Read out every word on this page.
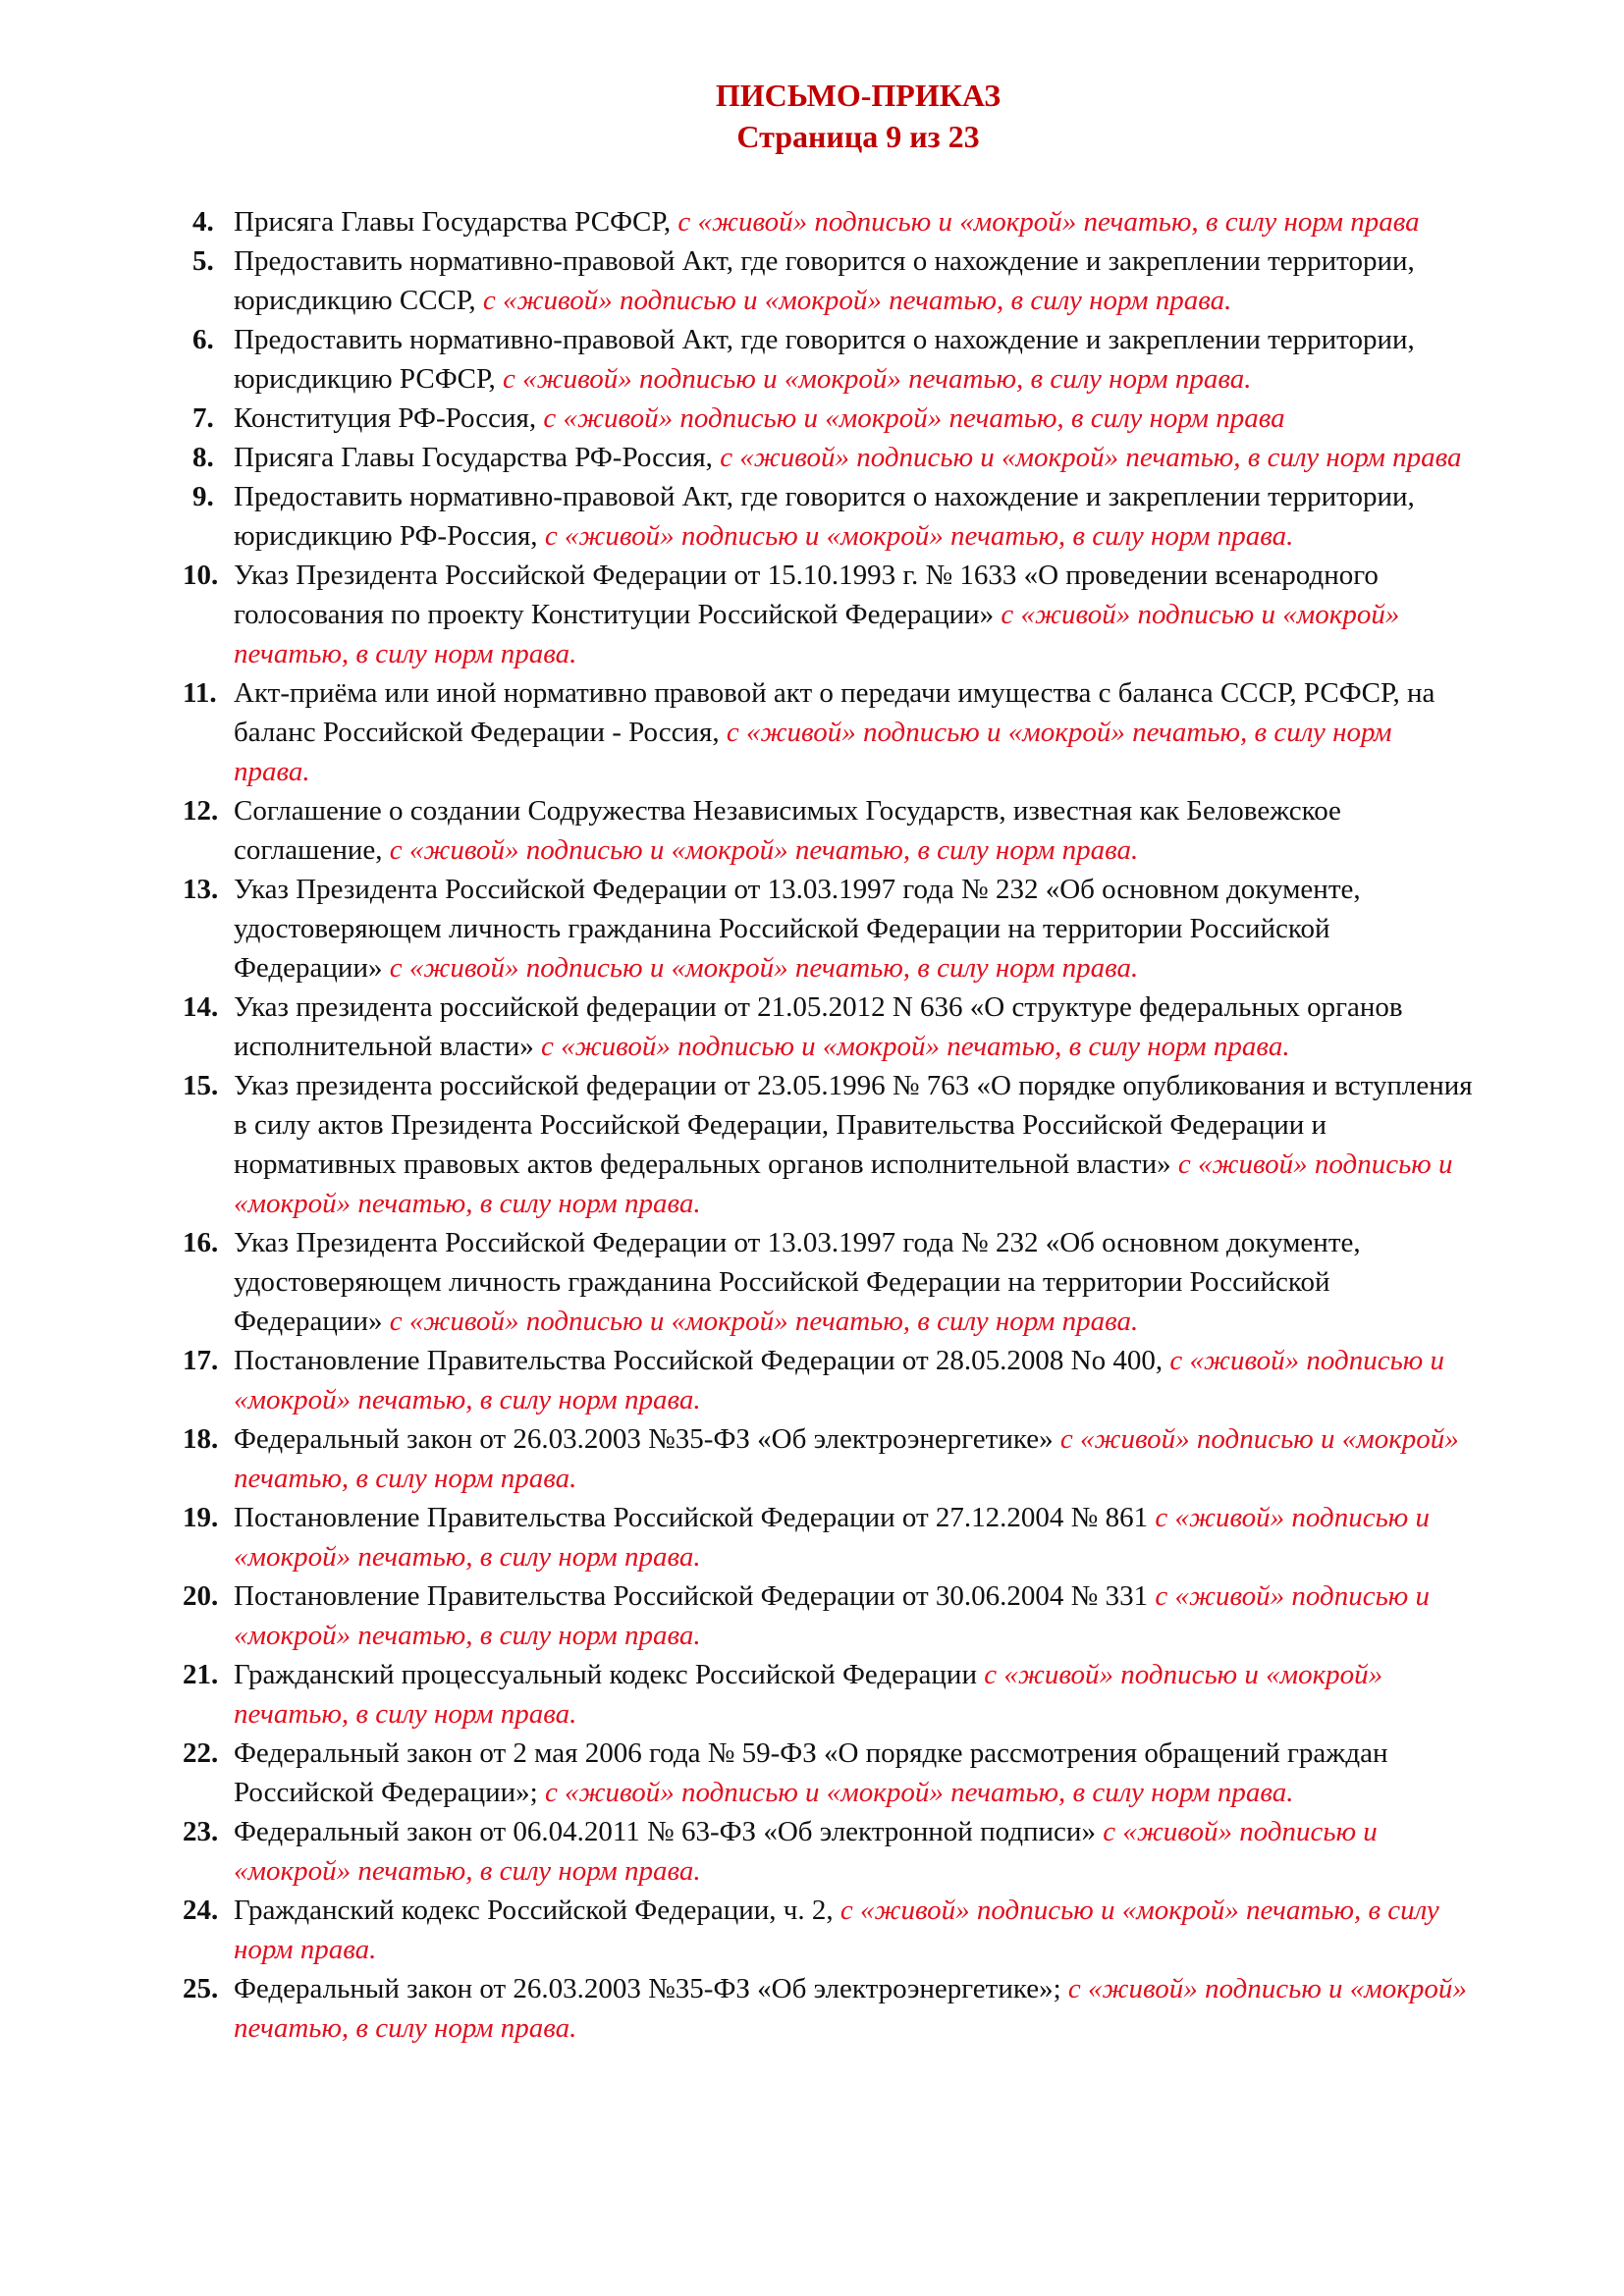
ПИСЬМО-ПРИКАЗ
Страница 9 из 23
4. Присяга Главы Государства РСФСР, с «живой» подписью и «мокрой» печатью, в силу норм права
5. Предоставить нормативно-правовой Акт, где говорится о нахождение и закреплении территории, юрисдикцию СССР, с «живой» подписью и «мокрой» печатью, в силу норм права.
6. Предоставить нормативно-правовой Акт, где говорится о нахождение и закреплении территории, юрисдикцию РСФСР, с «живой» подписью и «мокрой» печатью, в силу норм права.
7. Конституция РФ-Россия, с «живой» подписью и «мокрой» печатью, в силу норм права
8. Присяга Главы Государства РФ-Россия, с «живой» подписью и «мокрой» печатью, в силу норм права
9. Предоставить нормативно-правовой Акт, где говорится о нахождение и закреплении территории, юрисдикцию РФ-Россия, с «живой» подписью и «мокрой» печатью, в силу норм права.
10. Указ Президента Российской Федерации от 15.10.1993 г. № 1633 «О проведении всенародного голосования по проекту Конституции Российской Федерации» с «живой» подписью и «мокрой» печатью, в силу норм права.
11. Акт-приёма или иной нормативно правовой акт о передачи имущества с баланса СССР, РСФСР, на баланс Российской Федерации - Россия, с «живой» подписью и «мокрой» печатью, в силу норм права.
12. Соглашение о создании Содружества Независимых Государств, известная как Беловежское соглашение, с «живой» подписью и «мокрой» печатью, в силу норм права.
13. Указ Президента Российской Федерации от 13.03.1997 года № 232 «Об основном документе, удостоверяющем личность гражданина Российской Федерации на территории Российской Федерации» с «живой» подписью и «мокрой» печатью, в силу норм права.
14. Указ президента российской федерации от 21.05.2012 N 636 «О структуре федеральных органов исполнительной власти» с «живой» подписью и «мокрой» печатью, в силу норм права.
15. Указ президента российской федерации от 23.05.1996 № 763 «О порядке опубликования и вступления в силу актов Президента Российской Федерации, Правительства Российской Федерации и нормативных правовых актов федеральных органов исполнительной власти» с «живой» подписью и «мокрой» печатью, в силу норм права.
16. Указ Президента Российской Федерации от 13.03.1997 года № 232 «Об основном документе, удостоверяющем личность гражданина Российской Федерации на территории Российской Федерации» с «живой» подписью и «мокрой» печатью, в силу норм права.
17. Постановление Правительства Российской Федерации от 28.05.2008 No 400, с «живой» подписью и «мокрой» печатью, в силу норм права.
18. Федеральный закон от 26.03.2003 №35-ФЗ «Об электроэнергетике» с «живой» подписью и «мокрой» печатью, в силу норм права.
19. Постановление Правительства Российской Федерации от 27.12.2004 № 861 с «живой» подписью и «мокрой» печатью, в силу норм права.
20. Постановление Правительства Российской Федерации от 30.06.2004 № 331 с «живой» подписью и «мокрой» печатью, в силу норм права.
21. Гражданский процессуальный кодекс Российской Федерации с «живой» подписью и «мокрой» печатью, в силу норм права.
22. Федеральный закон от 2 мая 2006 года № 59-ФЗ «О порядке рассмотрения обращений граждан Российской Федерации»; с «живой» подписью и «мокрой» печатью, в силу норм права.
23. Федеральный закон от 06.04.2011 № 63-ФЗ «Об электронной подписи» с «живой» подписью и «мокрой» печатью, в силу норм права.
24. Гражданский кодекс Российской Федерации, ч. 2, с «живой» подписью и «мокрой» печатью, в силу норм права.
25. Федеральный закон от 26.03.2003 №35-ФЗ «Об электроэнергетике»; с «живой» подписью и «мокрой» печатью, в силу норм права.
